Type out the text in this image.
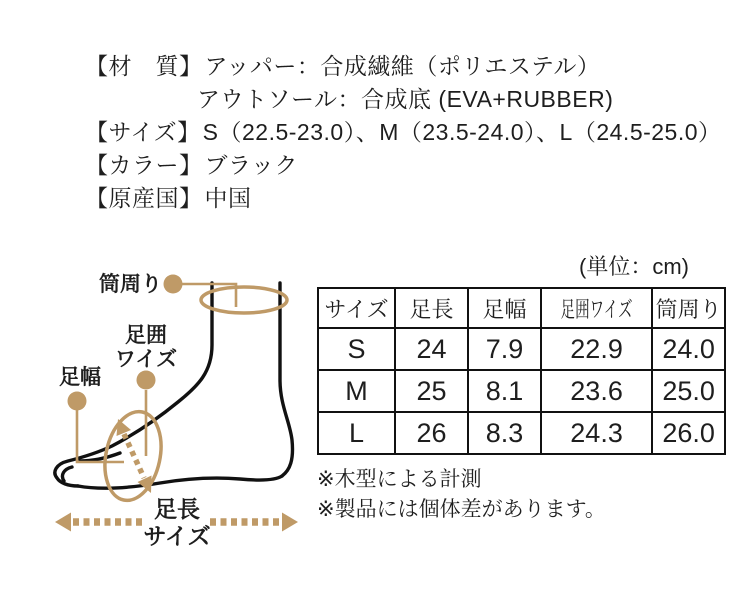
【材　質】アッパー：合成繊維（ポリエステル）
アウトソール：合成底 (EVA+RUBBER)
【サイズ】S（22.5-23.0）、M（23.5-24.0）、L（24.5-25.0）
【カラー】ブラック
【原産国】中国
筒周り
足囲
ワイズ
足幅
足長
サイズ
(単位：cm)
サイズ	足長	足幅	足囲ワイズ	筒周り
S	24	7.9	22.9	24.0
M	25	8.1	23.6	25.0
L	26	8.3	24.3	26.0
※木型による計測
※製品には個体差があります。
